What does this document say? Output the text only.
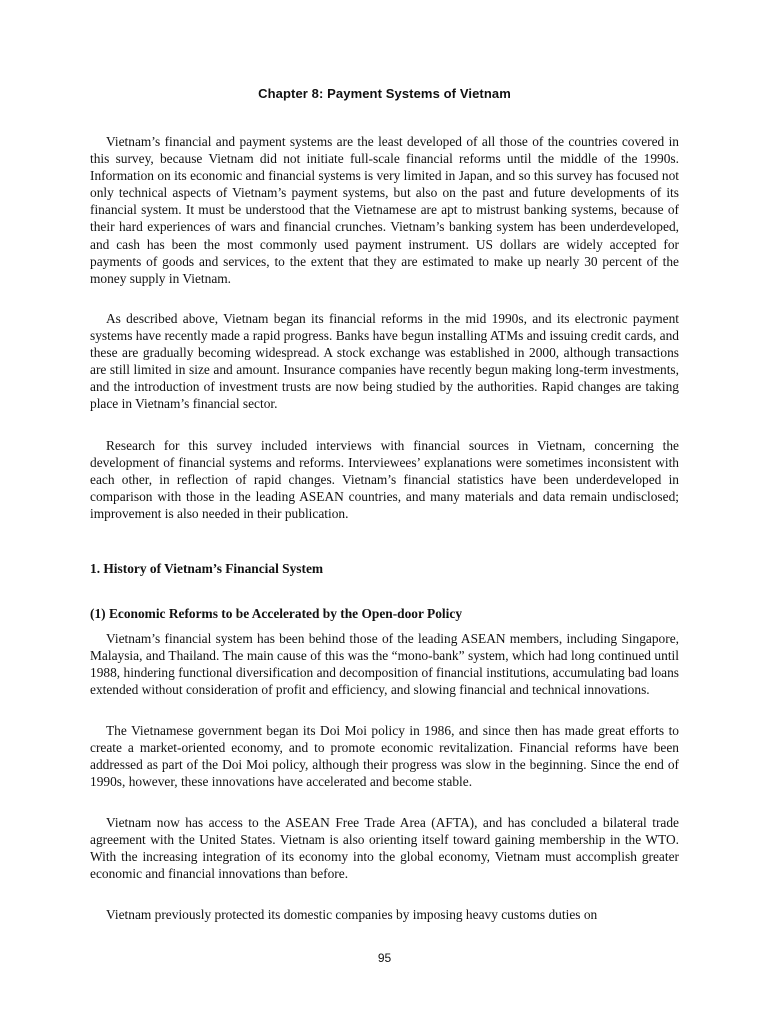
Chapter 8: Payment Systems of Vietnam

Vietnam’s financial and payment systems are the least developed of all those of the countries covered in this survey, because Vietnam did not initiate full-scale financial reforms until the middle of the 1990s. Information on its economic and financial systems is very limited in Japan, and so this survey has focused not only technical aspects of Vietnam’s payment systems, but also on the past and future developments of its financial system. It must be understood that the Vietnamese are apt to mistrust banking systems, because of their hard experiences of wars and financial crunches. Vietnam’s banking system has been underdeveloped, and cash has been the most commonly used payment instrument. US dollars are widely accepted for payments of goods and services, to the extent that they are estimated to make up nearly 30 percent of the money supply in Vietnam.

As described above, Vietnam began its financial reforms in the mid 1990s, and its electronic payment systems have recently made a rapid progress. Banks have begun installing ATMs and issuing credit cards, and these are gradually becoming widespread. A stock exchange was established in 2000, although transactions are still limited in size and amount. Insurance companies have recently begun making long-term investments, and the introduction of investment trusts are now being studied by the authorities. Rapid changes are taking place in Vietnam’s financial sector.

Research for this survey included interviews with financial sources in Vietnam, concerning the development of financial systems and reforms. Interviewees’ explanations were sometimes inconsistent with each other, in reflection of rapid changes. Vietnam’s financial statistics have been underdeveloped in comparison with those in the leading ASEAN countries, and many materials and data remain undisclosed; improvement is also needed in their publication.

1. History of Vietnam’s Financial System
(1) Economic Reforms to be Accelerated by the Open-door Policy

Vietnam’s financial system has been behind those of the leading ASEAN members, including Singapore, Malaysia, and Thailand. The main cause of this was the “mono-bank” system, which had long continued until 1988, hindering functional diversification and decomposition of financial institutions, accumulating bad loans extended without consideration of profit and efficiency, and slowing financial and technical innovations.

The Vietnamese government began its Doi Moi policy in 1986, and since then has made great efforts to create a market-oriented economy, and to promote economic revitalization. Financial reforms have been addressed as part of the Doi Moi policy, although their progress was slow in the beginning. Since the end of 1990s, however, these innovations have accelerated and become stable.

Vietnam now has access to the ASEAN Free Trade Area (AFTA), and has concluded a bilateral trade agreement with the United States. Vietnam is also orienting itself toward gaining membership in the WTO. With the increasing integration of its economy into the global economy, Vietnam must accomplish greater economic and financial innovations than before.

Vietnam previously protected its domestic companies by imposing heavy customs duties on

95
